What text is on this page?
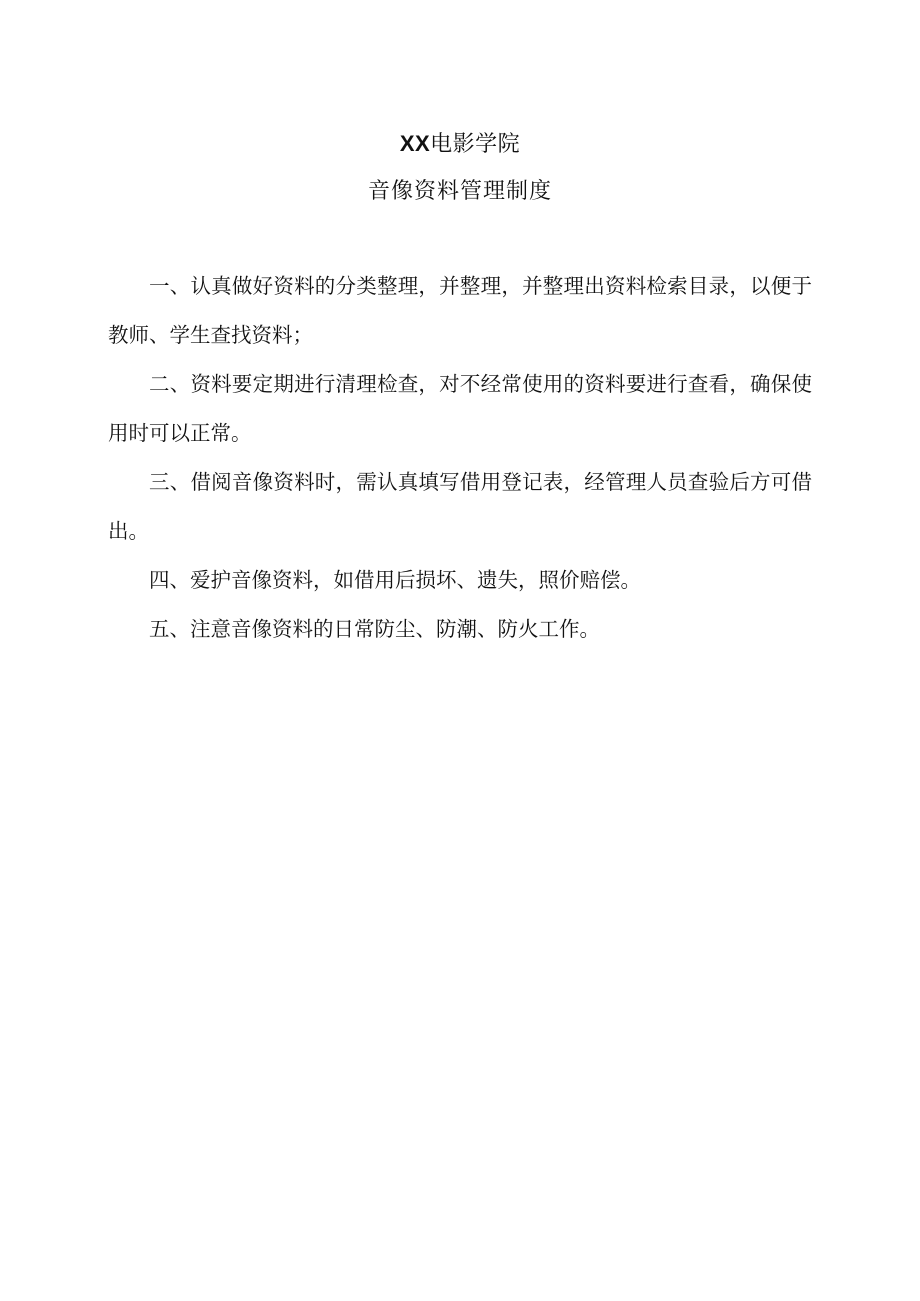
XX电影学院
音像资料管理制度

一、认真做好资料的分类整理，并整理，并整理出资料检索目录，以便于教师、学生查找资料；

二、资料要定期进行清理检查，对不经常使用的资料要进行查看，确保使用时可以正常。

三、借阅音像资料时，需认真填写借用登记表，经管理人员查验后方可借出。

四、爱护音像资料，如借用后损坏、遗失，照价赔偿。

五、注意音像资料的日常防尘、防潮、防火工作。
